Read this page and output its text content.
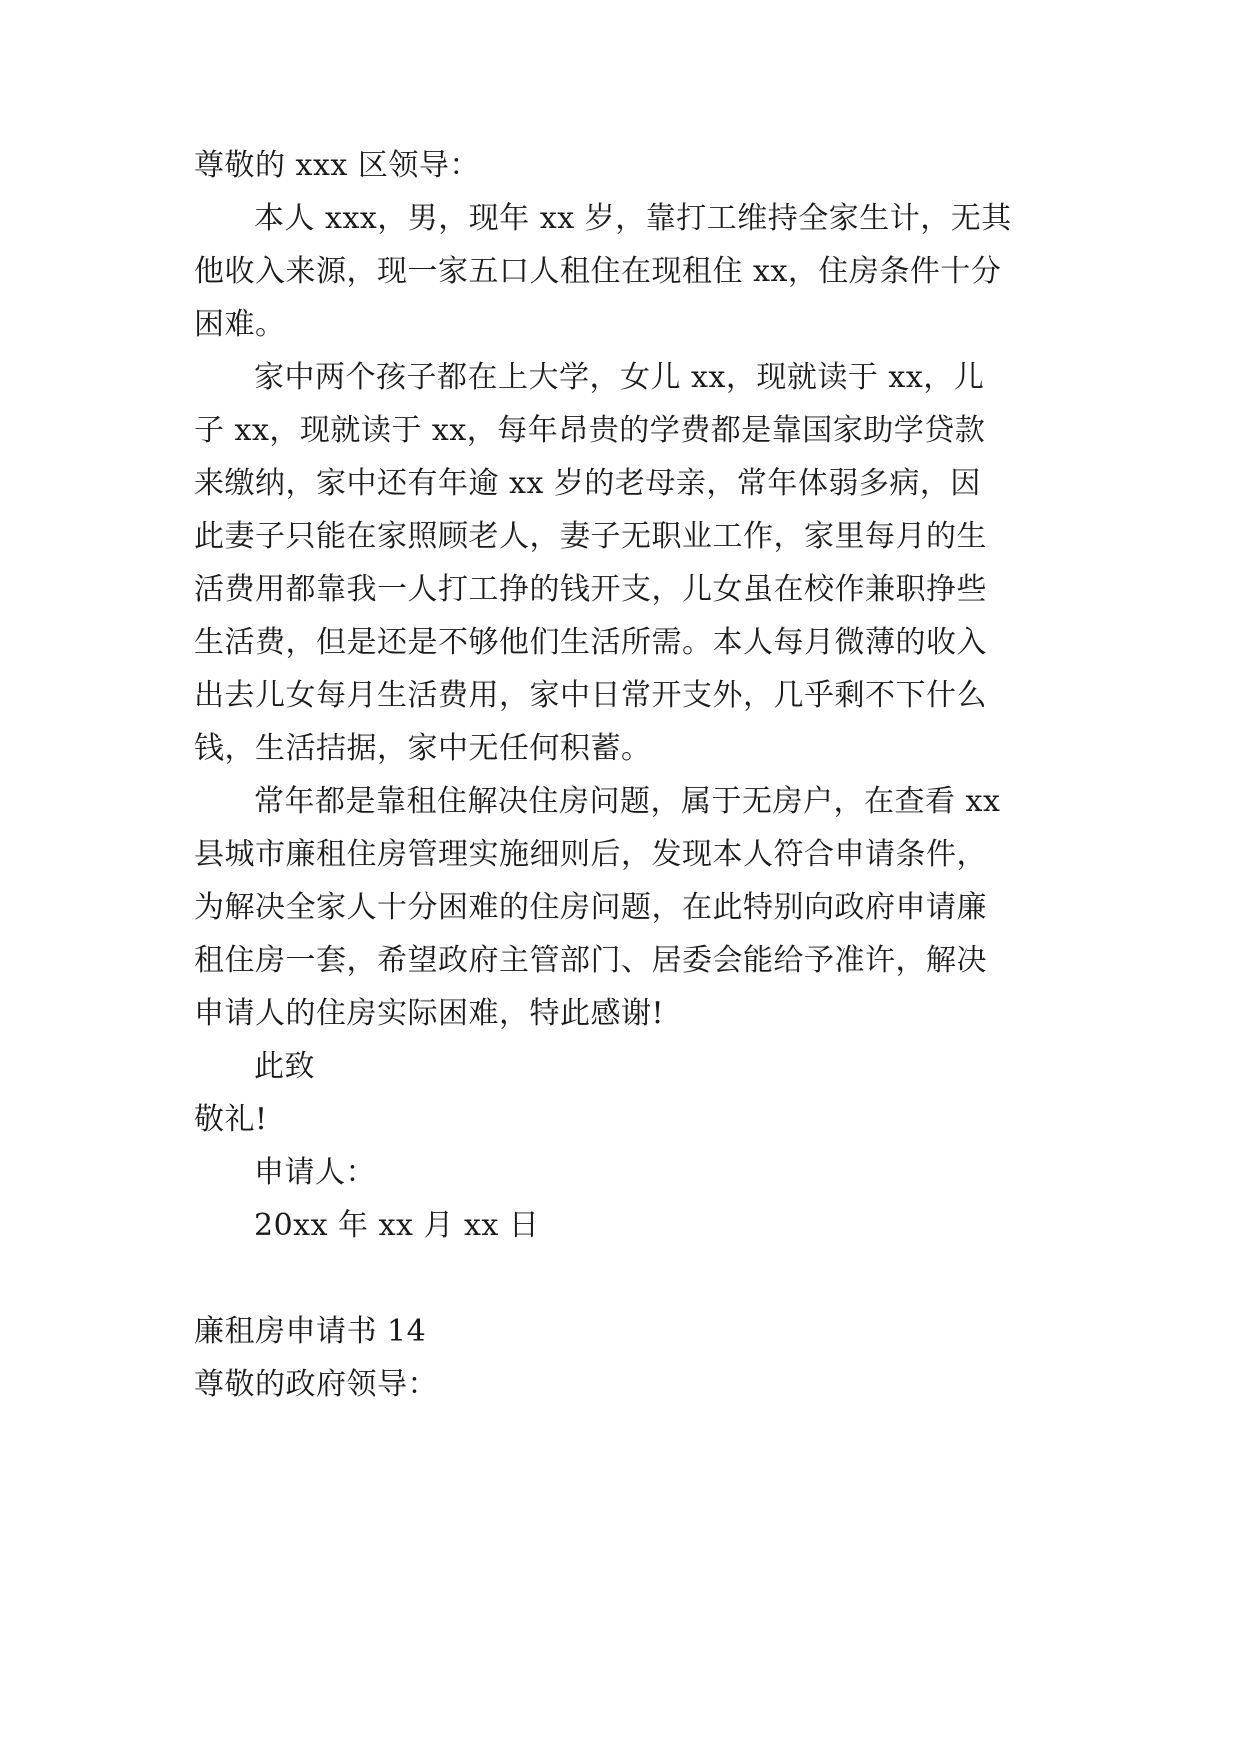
尊敬的 xxx 区领导：
本人 xxx，男，现年 xx 岁，靠打工维持全家生计，无其
他收入来源，现一家五口人租住在现租住 xx，住房条件十分
困难。
家中两个孩子都在上大学，女儿 xx，现就读于 xx，儿
子 xx，现就读于 xx，每年昂贵的学费都是靠国家助学贷款
来缴纳，家中还有年逾 xx 岁的老母亲，常年体弱多病，因
此妻子只能在家照顾老人，妻子无职业工作，家里每月的生
活费用都靠我一人打工挣的钱开支，儿女虽在校作兼职挣些
生活费，但是还是不够他们生活所需。本人每月微薄的收入
出去儿女每月生活费用，家中日常开支外，几乎剩不下什么
钱，生活拮据，家中无任何积蓄。
常年都是靠租住解决住房问题，属于无房户，在查看 xx
县城市廉租住房管理实施细则后，发现本人符合申请条件，
为解决全家人十分困难的住房问题，在此特别向政府申请廉
租住房一套，希望政府主管部门、居委会能给予准许，解决
申请人的住房实际困难，特此感谢!
此致
敬礼!
申请人：
20xx 年 xx 月 xx 日
廉租房申请书 14
尊敬的政府领导：
